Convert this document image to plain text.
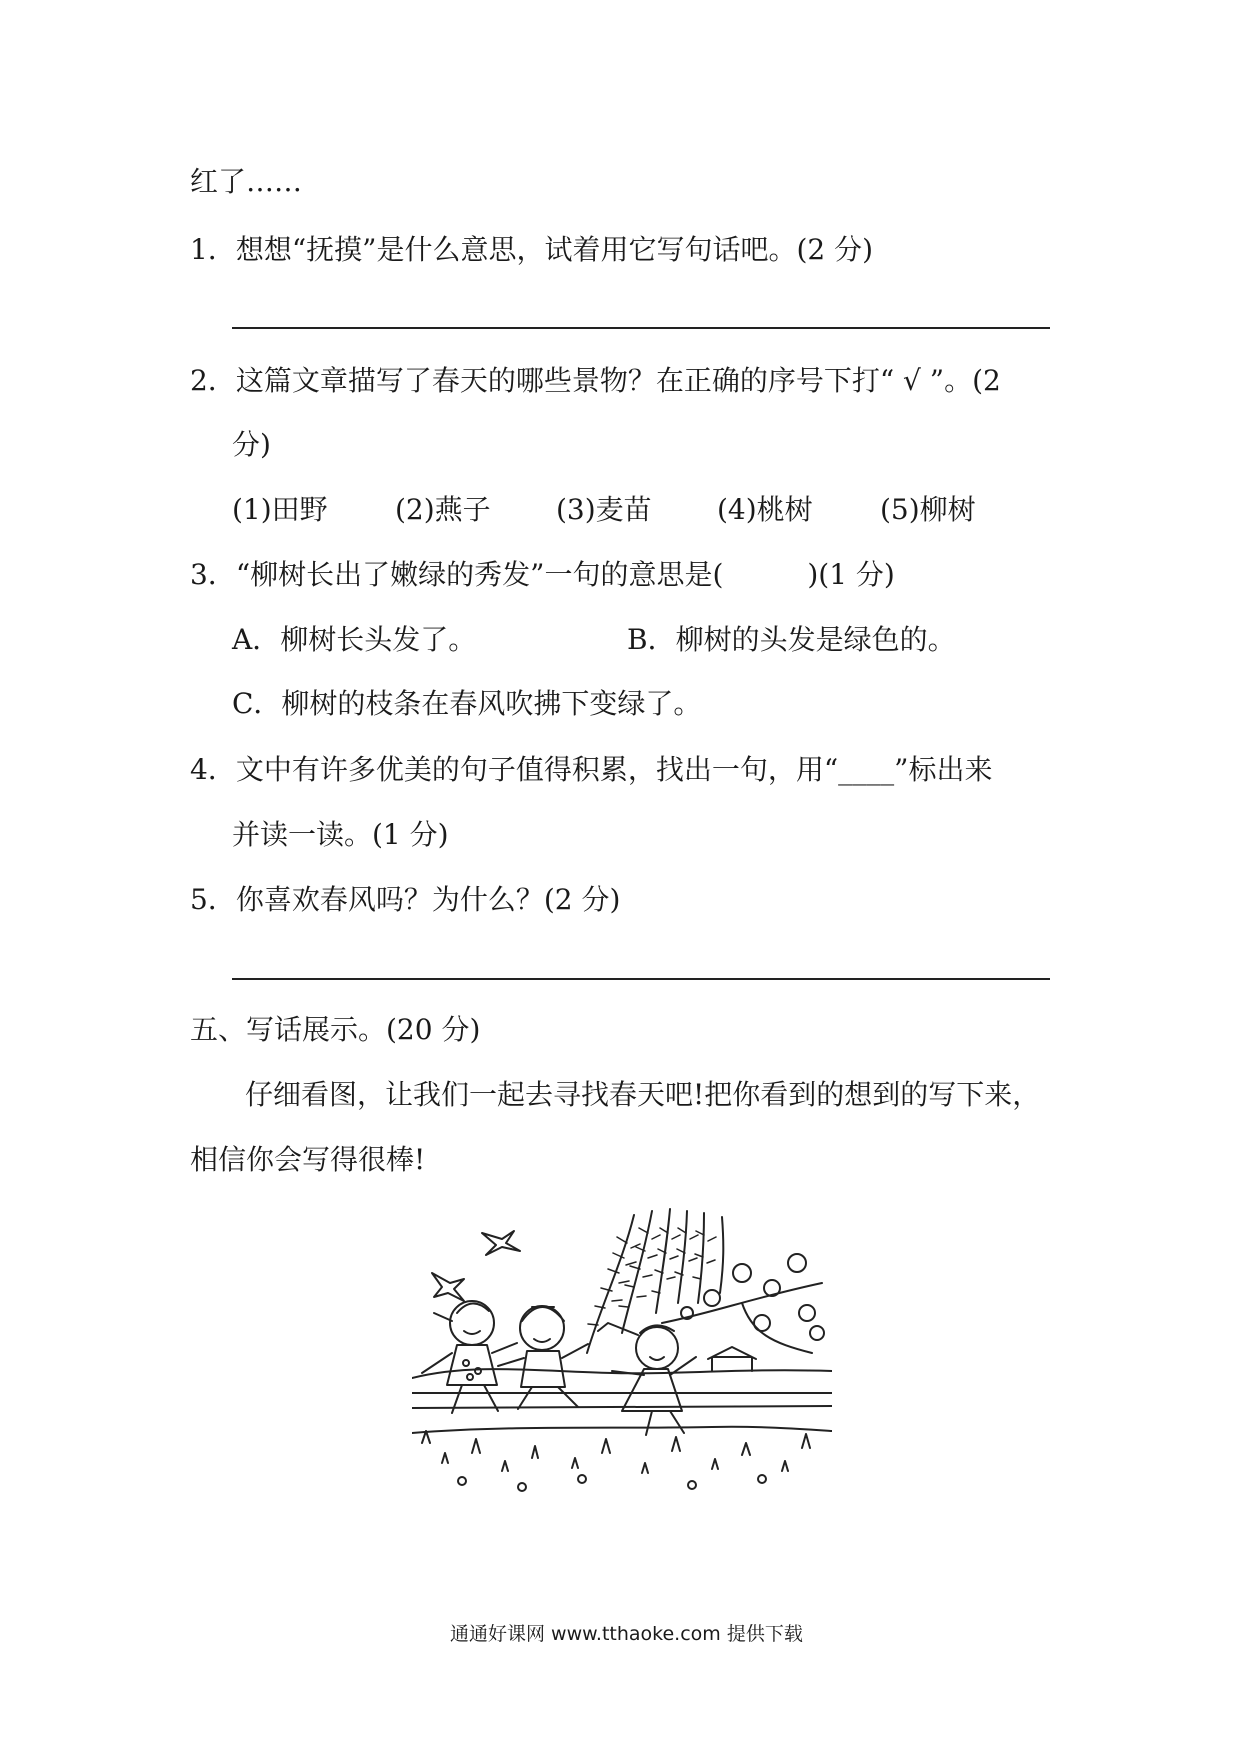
红了……
1．想想“抚摸”是什么意思，试着用它写句话吧。(2 分)
2．这篇文章描写了春天的哪些景物？在正确的序号下打“ √ ”。(2
分)
(1)田野 (2)燕子 (3)麦苗 (4)桃树 (5)柳树
3．“柳树长出了嫩绿的秀发”一句的意思是(　　　)(1 分)
A．柳树长头发了。	B．柳树的头发是绿色的。
C．柳树的枝条在春风吹拂下变绿了。
4．文中有许多优美的句子值得积累，找出一句，用“____”标出来
并读一读。(1 分)
5．你喜欢春风吗？为什么？(2 分)
五、写话展示。(20 分)
仔细看图，让我们一起去寻找春天吧!把你看到的想到的写下来，
相信你会写得很棒!
通通好课网 www.tthaoke.com 提供下载
